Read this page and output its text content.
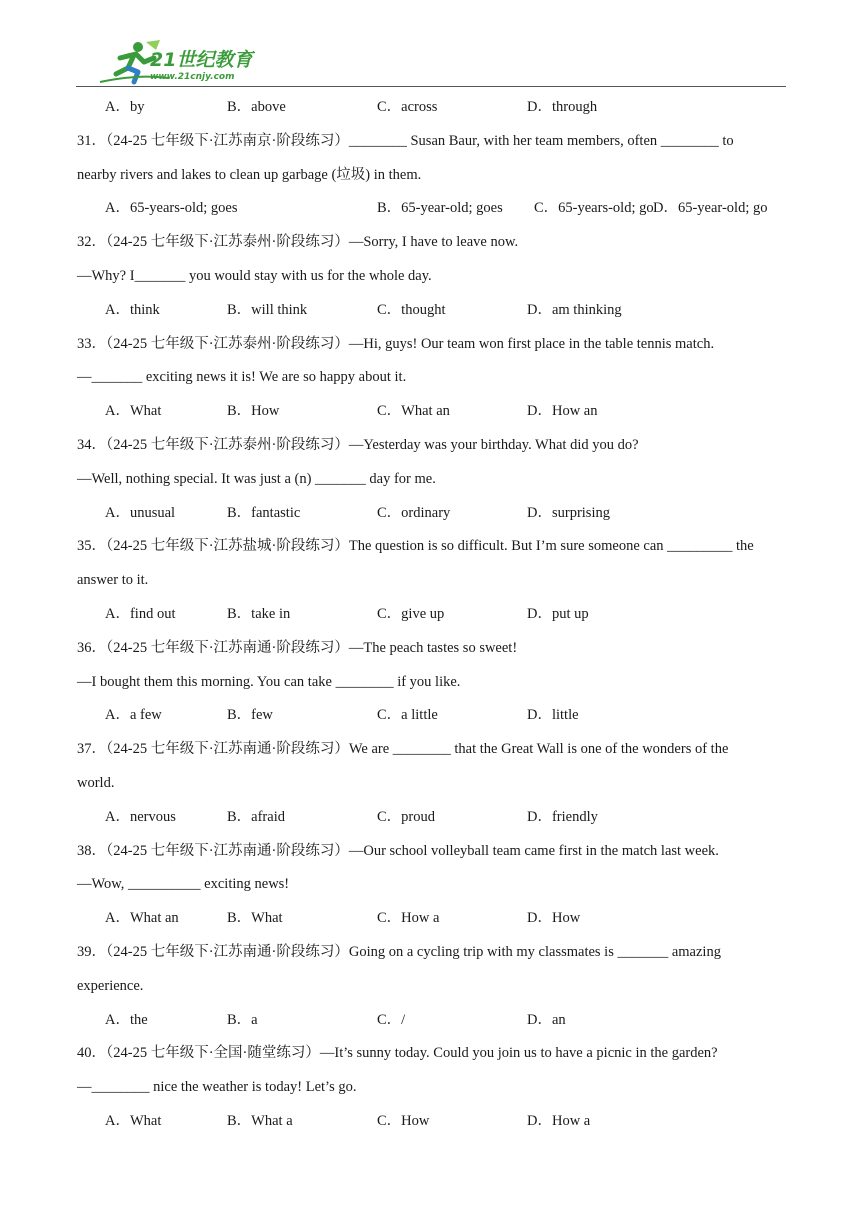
21世纪教育
www.21cnjy.com
A．by	B．above	C．across	D．through
31．（24-25 七年级下·江苏南京·阶段练习）________ Susan Baur, with her team members, often ________ to
nearby rivers and lakes to clean up garbage (垃圾) in them.
A．65-years-old; goes	B．65-year-old; goes C．65-years-old; go D．65-year-old; go
32．（24-25 七年级下·江苏泰州·阶段练习）—Sorry, I have to leave now.
—Why? I_______ you would stay with us for the whole day.
A．think	B．will think	C．thought	D．am thinking
33．（24-25 七年级下·江苏泰州·阶段练习）—Hi, guys! Our team won first place in the table tennis match.
—_______ exciting news it is! We are so happy about it.
A．What	B．How	C．What an	D．How an
34．（24-25 七年级下·江苏泰州·阶段练习）—Yesterday was your birthday. What did you do?
—Well, nothing special. It was just a (n) _______ day for me.
A．unusual	B．fantastic	C．ordinary	D．surprising
35．（24-25 七年级下·江苏盐城·阶段练习）The question is so difficult. But I’m sure someone can _________ the
answer to it.
A．find out	B．take in	C．give up	D．put up
36．（24-25 七年级下·江苏南通·阶段练习）—The peach tastes so sweet!
—I bought them this morning. You can take ________ if you like.
A．a few	B．few	C．a little	D．little
37．（24-25 七年级下·江苏南通·阶段练习）We are ________ that the Great Wall is one of the wonders of the
world.
A．nervous	B．afraid	C．proud	D．friendly
38．（24-25 七年级下·江苏南通·阶段练习）—Our school volleyball team came first in the match last week.
—Wow, __________ exciting news!
A．What an	B．What	C．How a	D．How
39．（24-25 七年级下·江苏南通·阶段练习）Going on a cycling trip with my classmates is _______ amazing
experience.
A．the	B．a	C．/	D．an
40．（24-25 七年级下·全国·随堂练习）—It’s sunny today. Could you join us to have a picnic in the garden?
—________ nice the weather is today! Let’s go.
A．What	B．What a	C．How	D．How a
